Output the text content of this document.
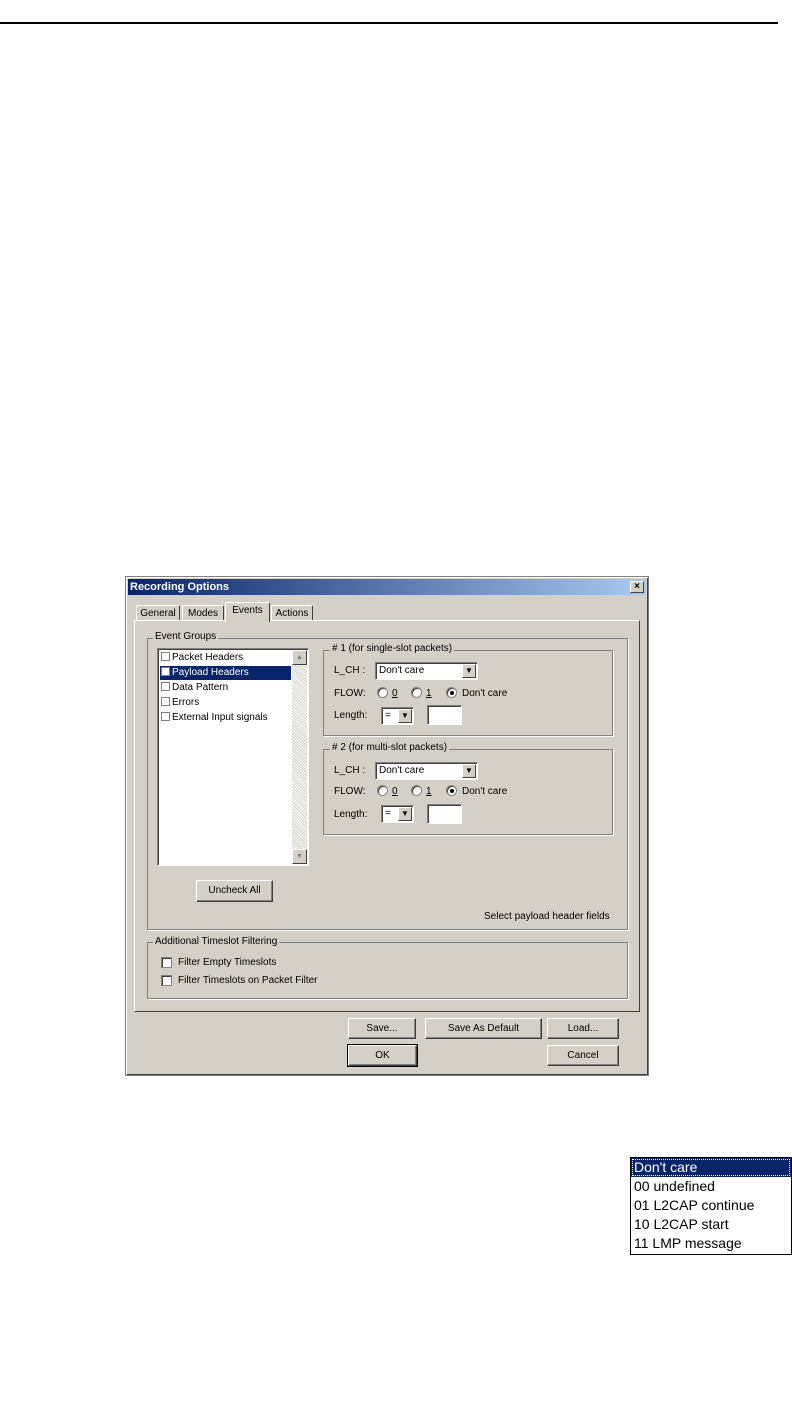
Recording Options	×
General	Modes	Events	Actions
Event Groups
Packet Headers
Payload Headers
Data Pattern
Errors
External Input signals
▲
▼
Uncheck All
Select payload header fields
# 1 (for single-slot packets)
L_CH :	Don't care	▼
FLOW:	0	1	Don't care
Length:	=	▼
# 2 (for multi-slot packets)
L_CH :	Don't care	▼
FLOW:	0	1	Don't care
Length:	=	▼
Additional Timeslot Filtering
Filter Empty Timeslots
Filter Timeslots on Packet Filter
Save...	Save As Default	Load...
OK	Cancel
Don't care
00 undefined
01 L2CAP continue
10 L2CAP start
11 LMP message
